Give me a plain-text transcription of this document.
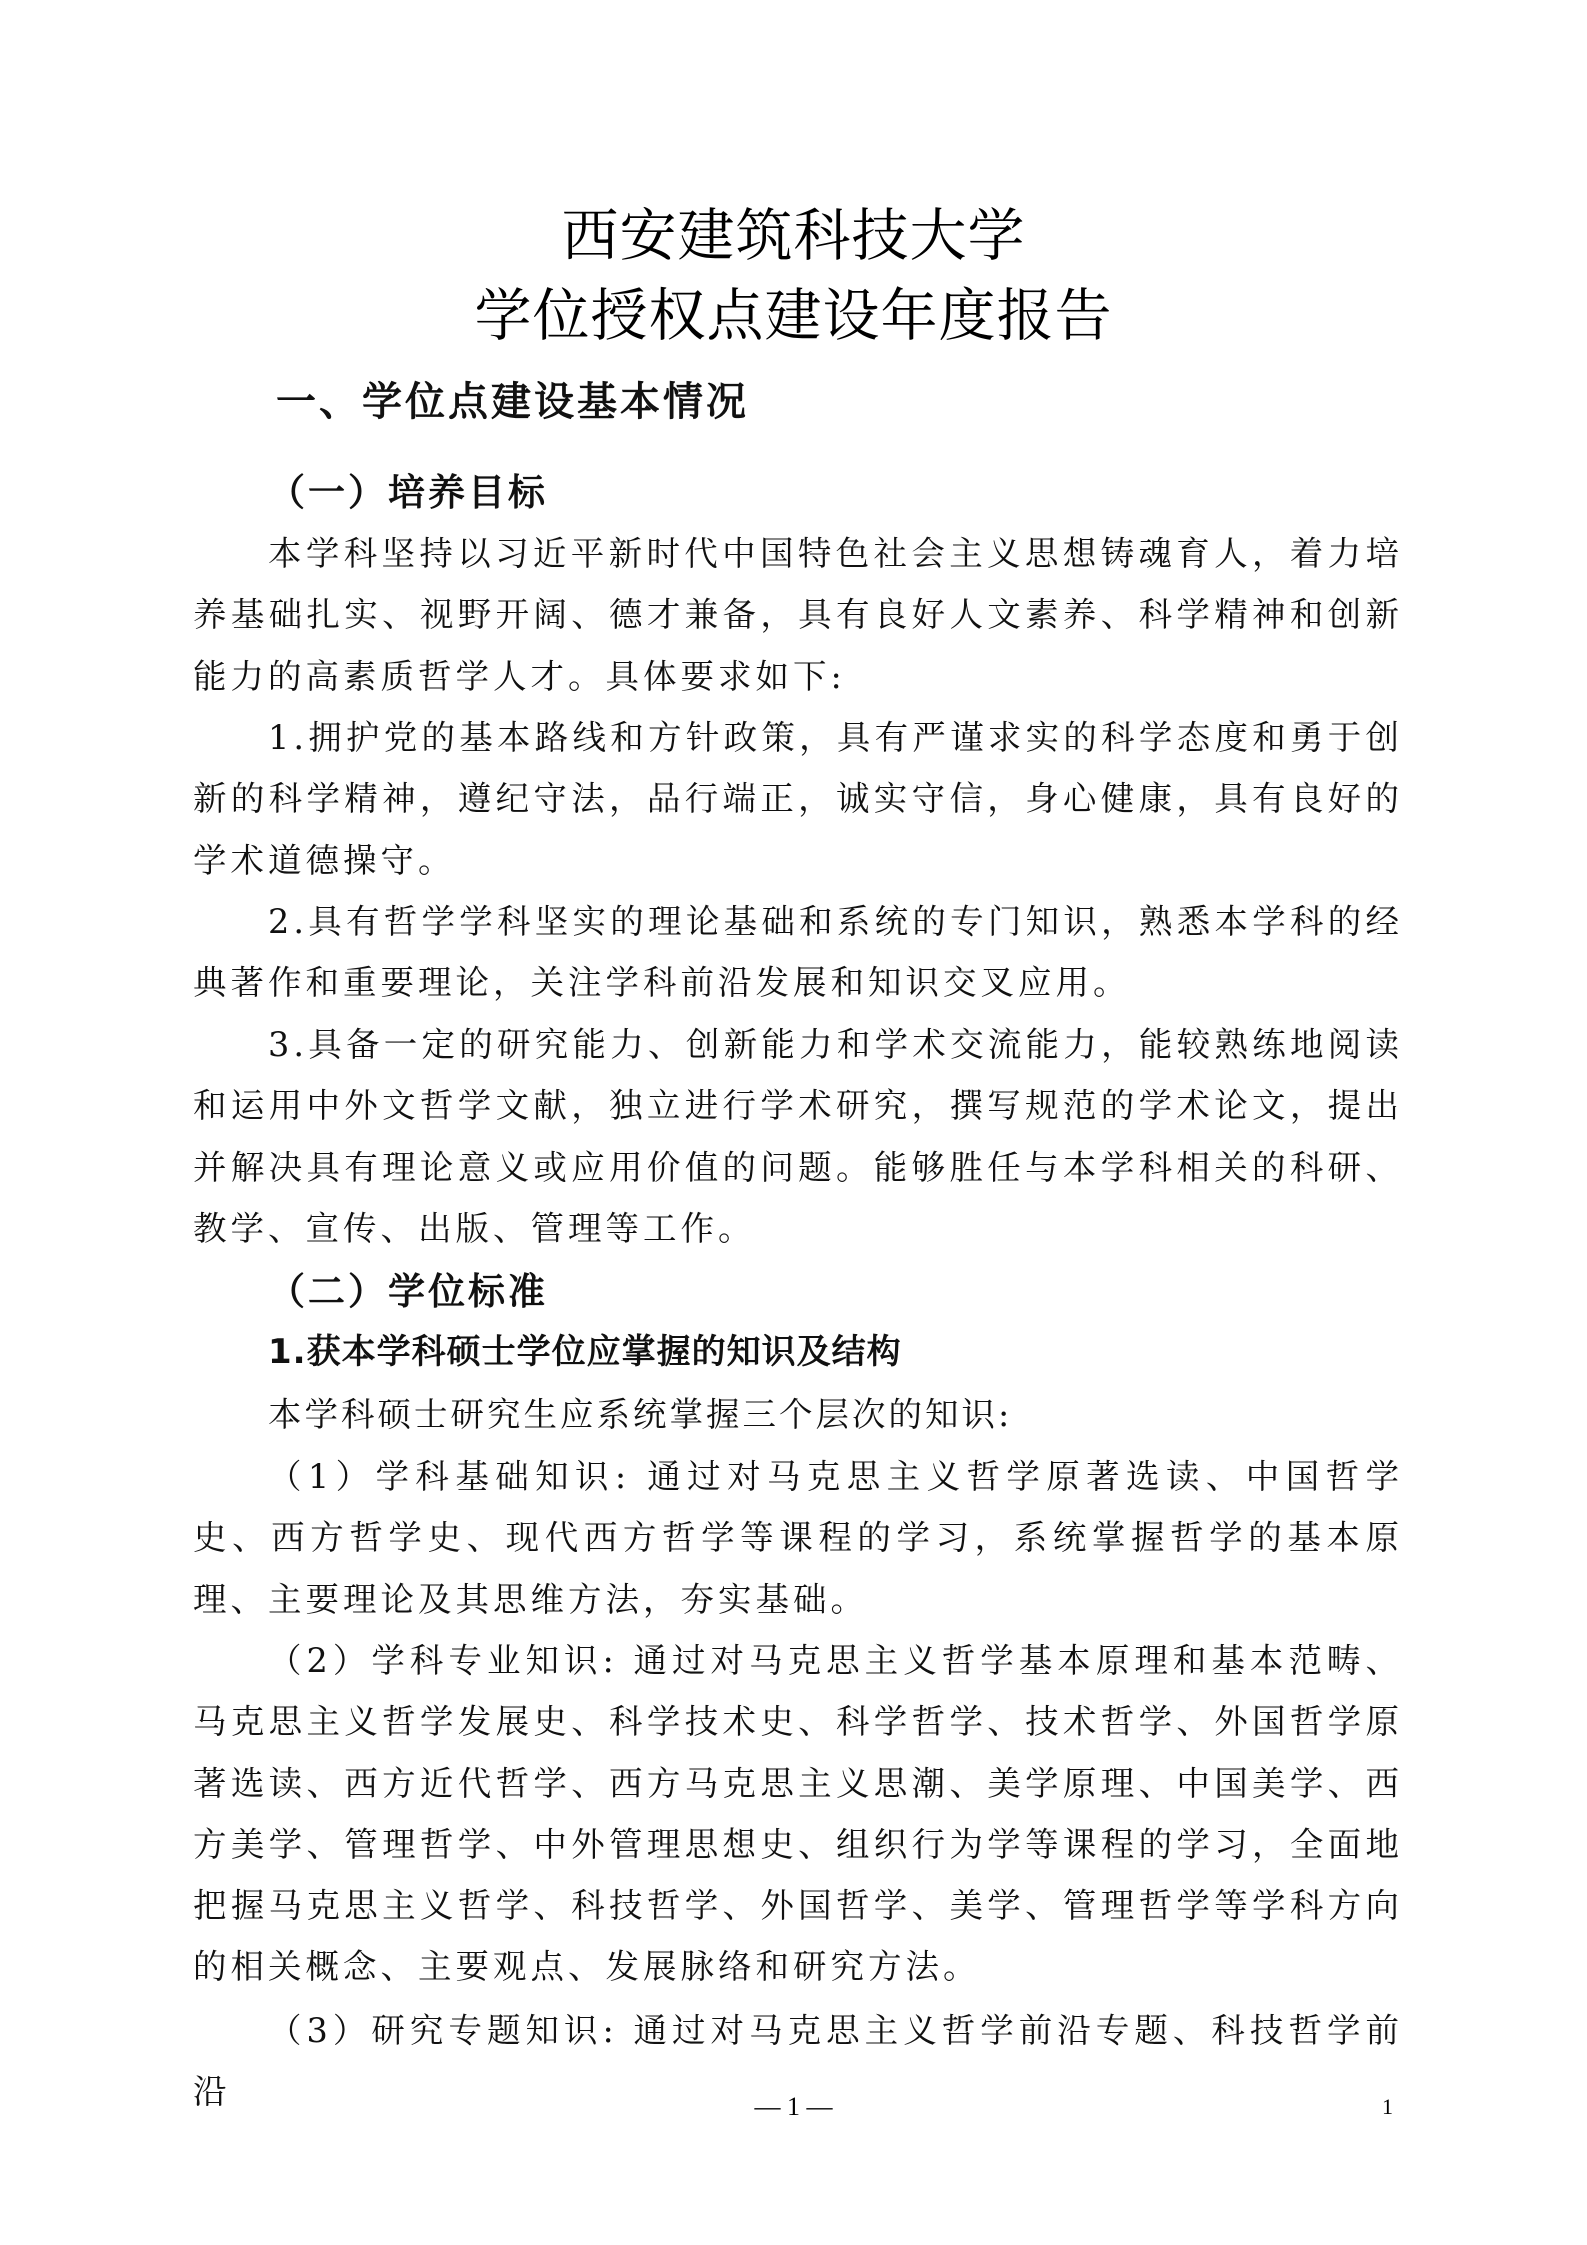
西安建筑科技大学
学位授权点建设年度报告
一、学位点建设基本情况
（一）培养目标

本学科坚持以习近平新时代中国特色社会主义思想铸魂育人，着力培养基础扎实、视野开阔、德才兼备，具有良好人文素养、科学精神和创新能力的高素质哲学人才。具体要求如下:

1.拥护党的基本路线和方针政策，具有严谨求实的科学态度和勇于创新的科学精神，遵纪守法，品行端正，诚实守信，身心健康，具有良好的学术道德操守。

2.具有哲学学科坚实的理论基础和系统的专门知识，熟悉本学科的经典著作和重要理论，关注学科前沿发展和知识交叉应用。

3.具备一定的研究能力、创新能力和学术交流能力，能较熟练地阅读和运用中外文哲学文献，独立进行学术研究，撰写规范的学术论文，提出并解决具有理论意义或应用价值的问题。能够胜任与本学科相关的科研、教学、宣传、出版、管理等工作。

（二）学位标准
1.获本学科硕士学位应掌握的知识及结构

本学科硕士研究生应系统掌握三个层次的知识:

（1）学科基础知识: 通过对马克思主义哲学原著选读、中国哲学史、西方哲学史、现代西方哲学等课程的学习，系统掌握哲学的基本原理、主要理论及其思维方法，夯实基础。

（2）学科专业知识: 通过对马克思主义哲学基本原理和基本范畴、马克思主义哲学发展史、科学技术史、科学哲学、技术哲学、外国哲学原著选读、西方近代哲学、西方马克思主义思潮、美学原理、中国美学、西方美学、管理哲学、中外管理思想史、组织行为学等课程的学习，全面地把握马克思主义哲学、科技哲学、外国哲学、美学、管理哲学等学科方向的相关概念、主要观点、发展脉络和研究方法。

（3）研究专题知识: 通过对马克思主义哲学前沿专题、科技哲学前沿	— 1 —	1
